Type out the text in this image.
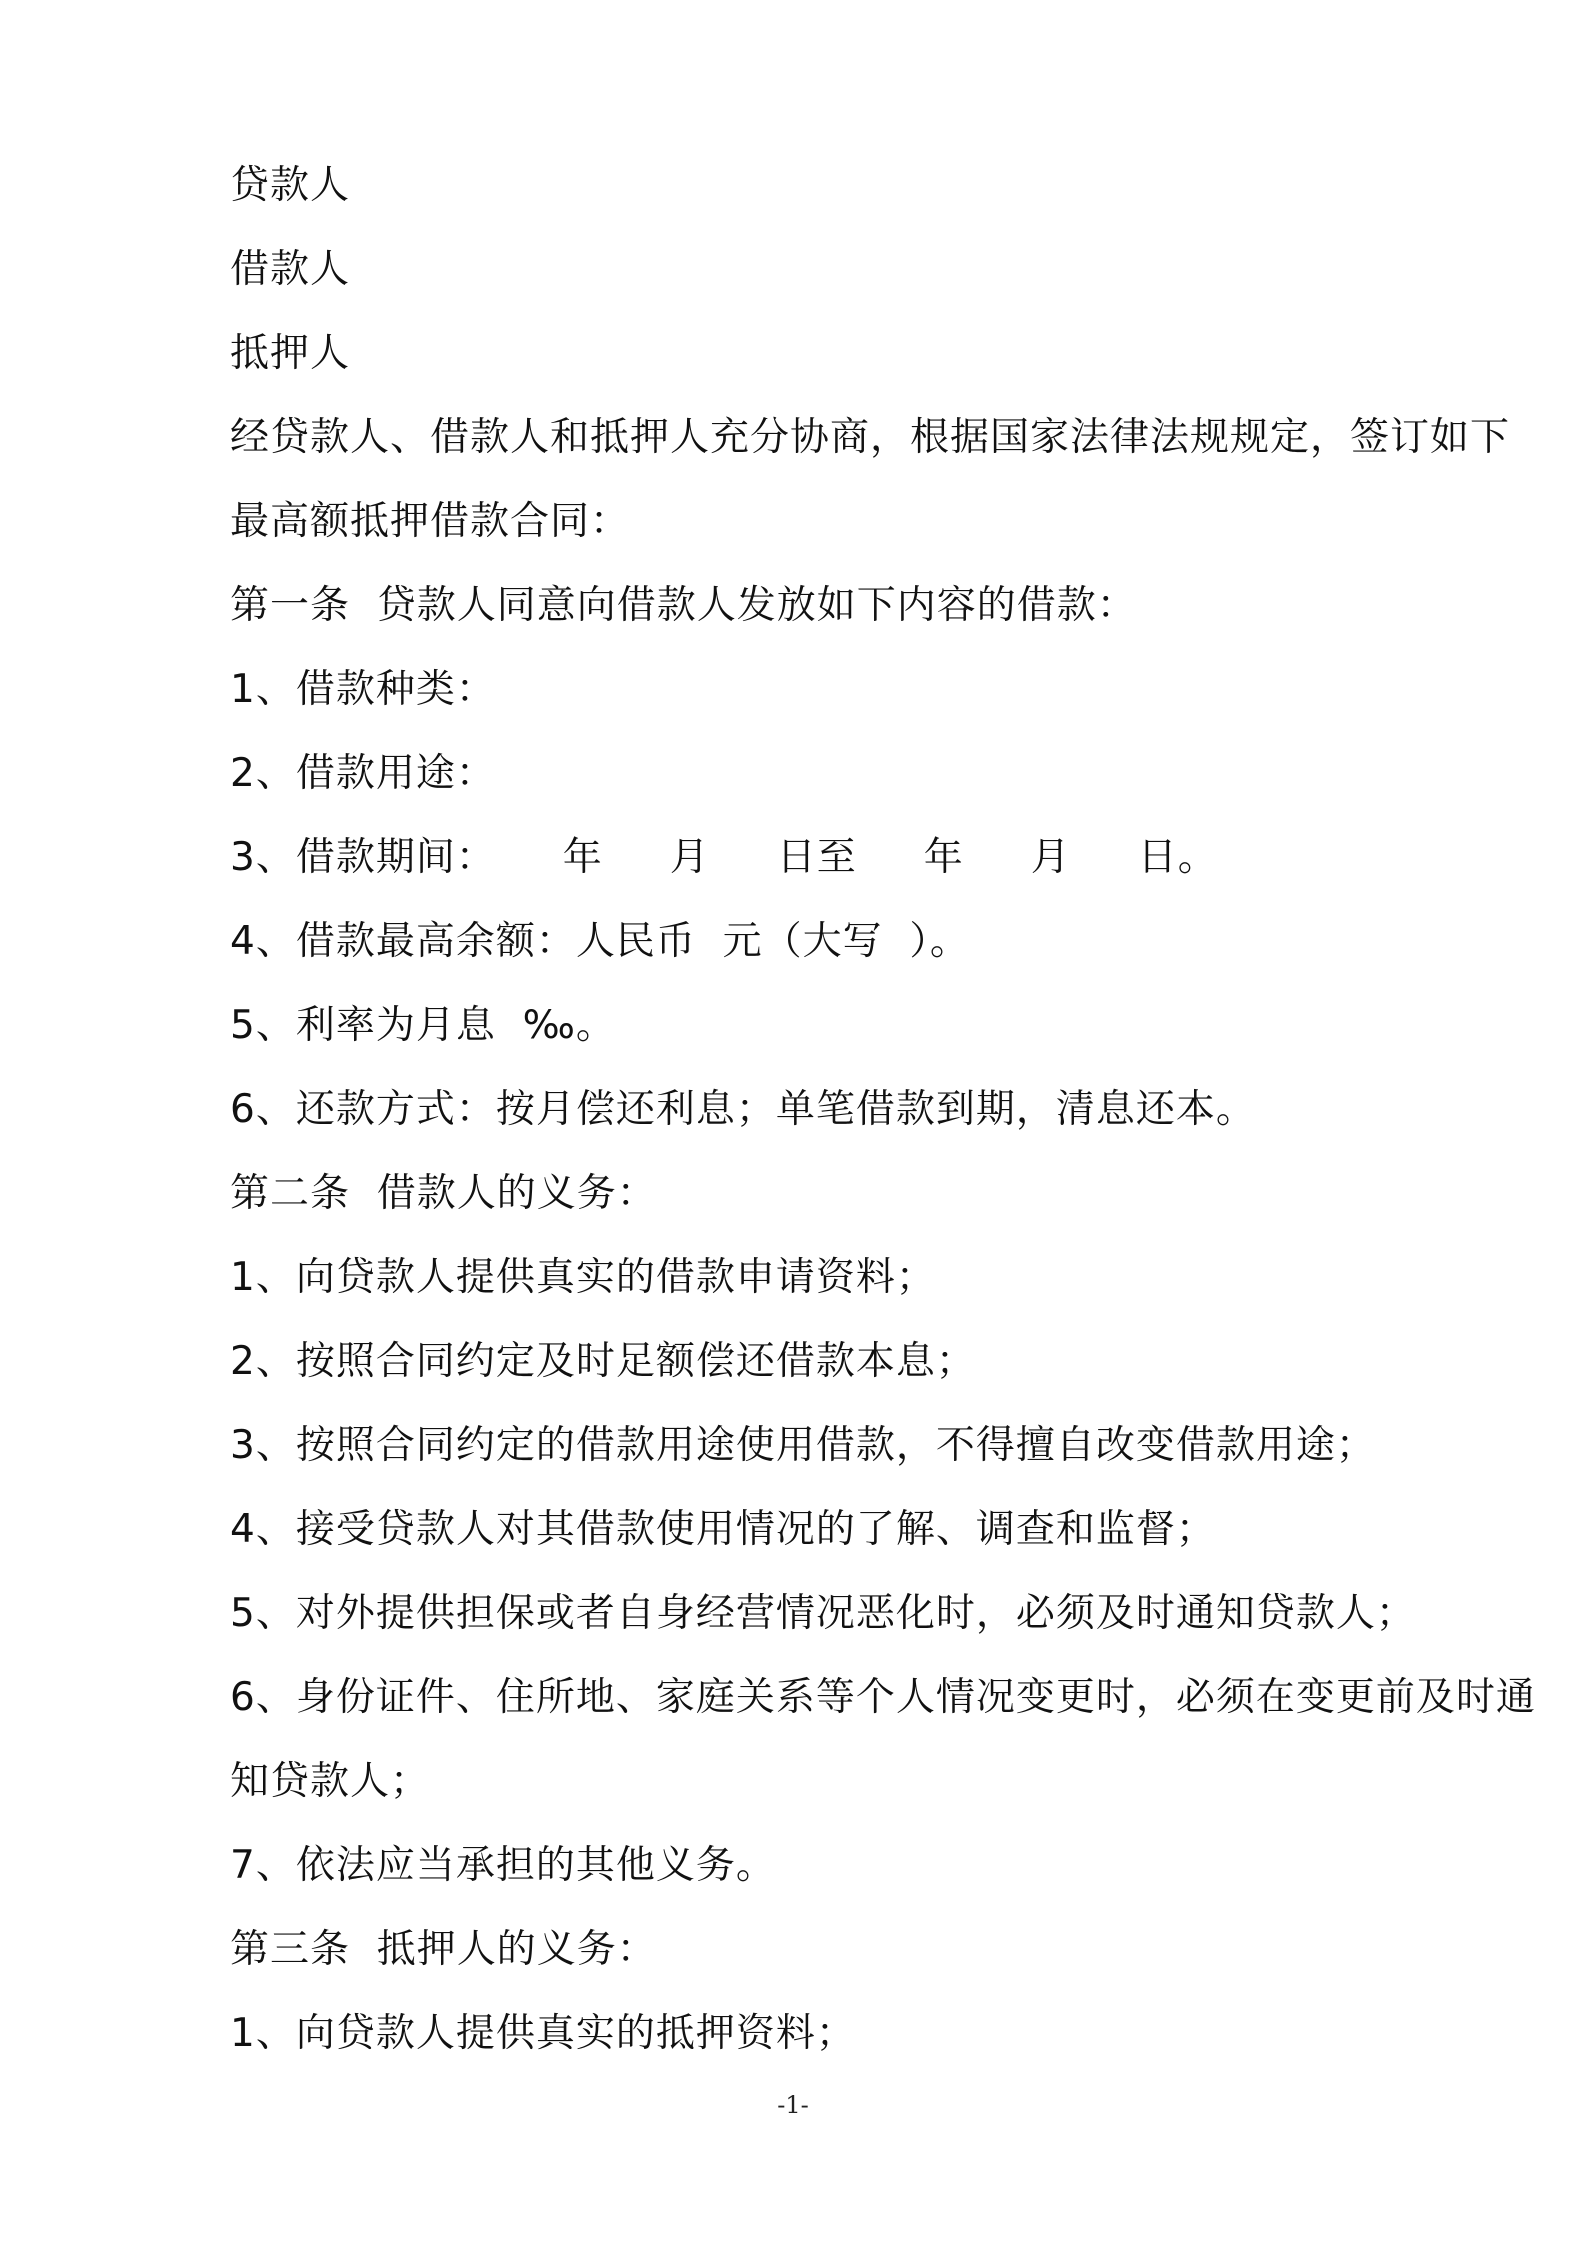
贷款人
借款人
抵押人
经贷款人、借款人和抵押人充分协商，根据国家法律法规规定，签订如下
最高额抵押借款合同：
第一条  贷款人同意向借款人发放如下内容的借款：
1、借款种类：
2、借款用途：
3、借款期间：     年     月     日至     年     月     日。
4、借款最高余额：人民币  元（大写  ）。
5、利率为月息  ‰。
6、还款方式：按月偿还利息；单笔借款到期，清息还本。
第二条  借款人的义务：
1、向贷款人提供真实的借款申请资料；
2、按照合同约定及时足额偿还借款本息；
3、按照合同约定的借款用途使用借款，不得擅自改变借款用途；
4、接受贷款人对其借款使用情况的了解、调查和监督；
5、对外提供担保或者自身经营情况恶化时，必须及时通知贷款人；
6、身份证件、住所地、家庭关系等个人情况变更时，必须在变更前及时通
知贷款人；
7、依法应当承担的其他义务。
第三条  抵押人的义务：
1、向贷款人提供真实的抵押资料；
-1-
